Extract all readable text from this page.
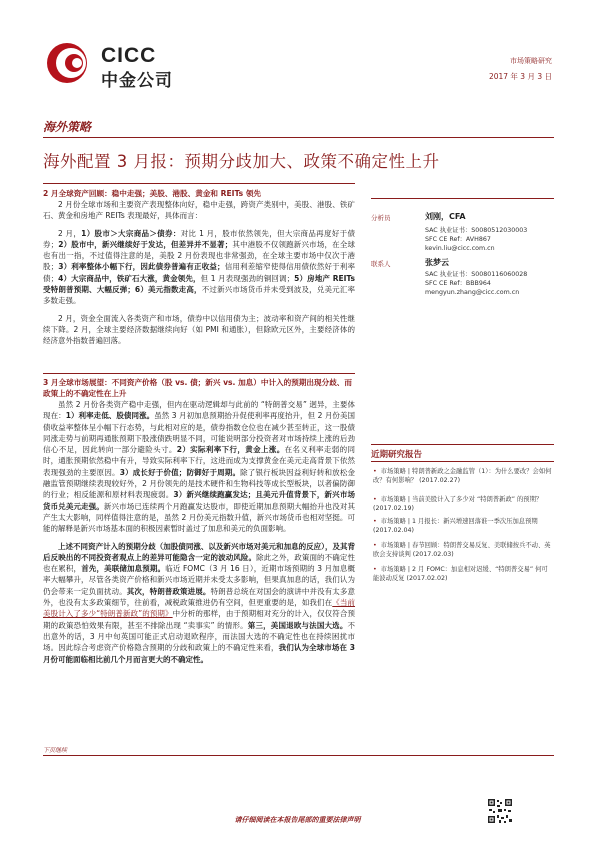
CICC
中金公司
市场策略研究
2017 年 3 月 3 日
海外策略
海外配置 3 月报：预期分歧加大、政策不确定性上升
2 月全球资产回顾：稳中走强；美股、港股、黄金和 REITs 领先

2 月份全球市场和主要资产表现整体向好，稳中走强，跨资产类别中，美股、港股、铁矿石、黄金和房地产 REITs 表现最好，具体而言：

2 月，1）股市＞大宗商品＞债券：对比 1 月，股市依然领先，但大宗商品再度好于债券；2）股市中，新兴继续好于发达，但差异并不显著；其中港股不仅领跑新兴市场，在全球也有出一指，不过值得注意的是，美股 2 月份表现也非常强劲，在全球主要市场中仅次于港股；3）利率整体小幅下行，因此债券普遍有正收益；信用利差缩窄使得信用债依然好于利率债；4）大宗商品中，铁矿石大涨，黄金领先，但 1 月表现强劲的铜回调；5）房地产 REITs 受特朗普预期、大幅反弹；6）美元指数走高，不过新兴市场货币并未受到波及，兑美元汇率多数走强。

2 月，资金全面流入各类资产和市场，债券中以信用债为主；波动率和资产间的相关性继续下降。2 月，全球主要经济数据继续向好（如 PMI 和通胀），但除欧元区外，主要经济体的经济意外指数普遍回落。

3 月全球市场展望：不同资产价格（股 vs. 债；新兴 vs. 加息）中计入的预期出现分歧、而政策上的不确定性在上升

虽然 2 月份各类资产稳中走强，但内在驱动逻辑却与此前的 “特朗普交易” 迥异，主要体现在：1）利率走低、股债同涨。虽然 3 月初加息预期抬升促使利率再度抬升，但 2 月份美国债收益率整体呈小幅下行态势，与此相对应的是，债券指数仓位也在减少甚至转正，这一股债同涨走势与前期再通胀预期下股涨债跌明显不同，可能说明部分投资者对市场持续上涨的后劲信心不足，因此转向一部分避险头寸。2）实际利率下行，黄金上涨。在名义利率走弱的同时，通胀预期依然稳中有升，导致实际利率下行，这进而成为支撑黄金在美元走高背景下依然表现强劲的主要原因。3）成长好于价值；防御好于周期。除了银行板块因益利好转和放松金融监管预期继续表现较好外，2 月份领先的是技术硬件和生物科技等成长型板块，以者偏防御的行业；相反能源和原材料表现疲弱。3）新兴继续跑赢发达；且美元升值背景下，新兴市场货币兑美元走强。新兴市场已连续两个月跑赢发达股市，即使近期加息预期大幅抬升也没对其产生太大影响，同样值得注意的是，虽然 2 月份美元指数升值，新兴市场货币也相对坚挺。可能的解释是新兴市场基本面的积极因素暂时盖过了加息和美元的负面影响。

上述不同资产计入的预期分歧（加股债同涨、以及新兴市场对美元和加息的反应），及其背后反映出的不同投资者观点上的差异可能隐含一定的波动风险。除此之外，政策面的不确定性也在累积，首先，美联储加息预期。临近 FOMC（3 月 16 日），近期市场预期的 3 月加息概率大幅攀升，尽管各类资产价格和新兴市场近期并未受太多影响，但果真加息的话，我们认为仍会带来一定负面扰动。其次，特朗普政策进展。特朗普总统在对国会的演讲中并没有太多意外，也没有太多政策细节，往前看，减税政策推进仍有空间，但更重要的是，如我们在《当前美股计入了多少“特朗普新政”的预期》中分析的那样，由于预期相对充分的计入，仅仅符合预期的政策恐怕效果有限，甚至不排除出现 “卖事实” 的情形。第三，美国退欧与法国大选。不出意外的话，3 月中旬英国可能正式启动退欧程序，而法国大选的不确定性也在持续困扰市场。因此综合考虑资产价格隐含预期的分歧和政策上的不确定性来看，我们认为全球市场在 3 月份可能面临相比前几个月而言更大的不确定性。

分析员	刘刚，CFA
SAC 执业证书：S0080512030003
SFC CE Ref：AVH867
kevin.liu@cicc.com.cn
联系人	张梦云
SAC 执业证书：S0080116060028
SFC CE Ref：BBB964
mengyun.zhang@cicc.com.cn
近期研究报告
• 市场策略 | 特朗普新政之金融监管（1）：为什么要改？会如何改？有何影响？ (2017.02.27)
• 市场策略 | 当前美股计入了多少对 “特朗普新政” 的预期？ (2017.02.19)
• 市场策略 | 1 月报长：新兴增速回落谁一季次压加息预期 (2017.02.04)
• 市场策略 | 春节回顾：特朗普交易反复、美联储按兵不动、英欧会支持谈判 (2017.02.03)
• 市场策略 | 2 月 FOMC：加息相对迟缓、“特朗普交易” 何可能波动反复 (2017.02.02)
下页继续
请仔细阅读在本报告尾部的重要法律声明
